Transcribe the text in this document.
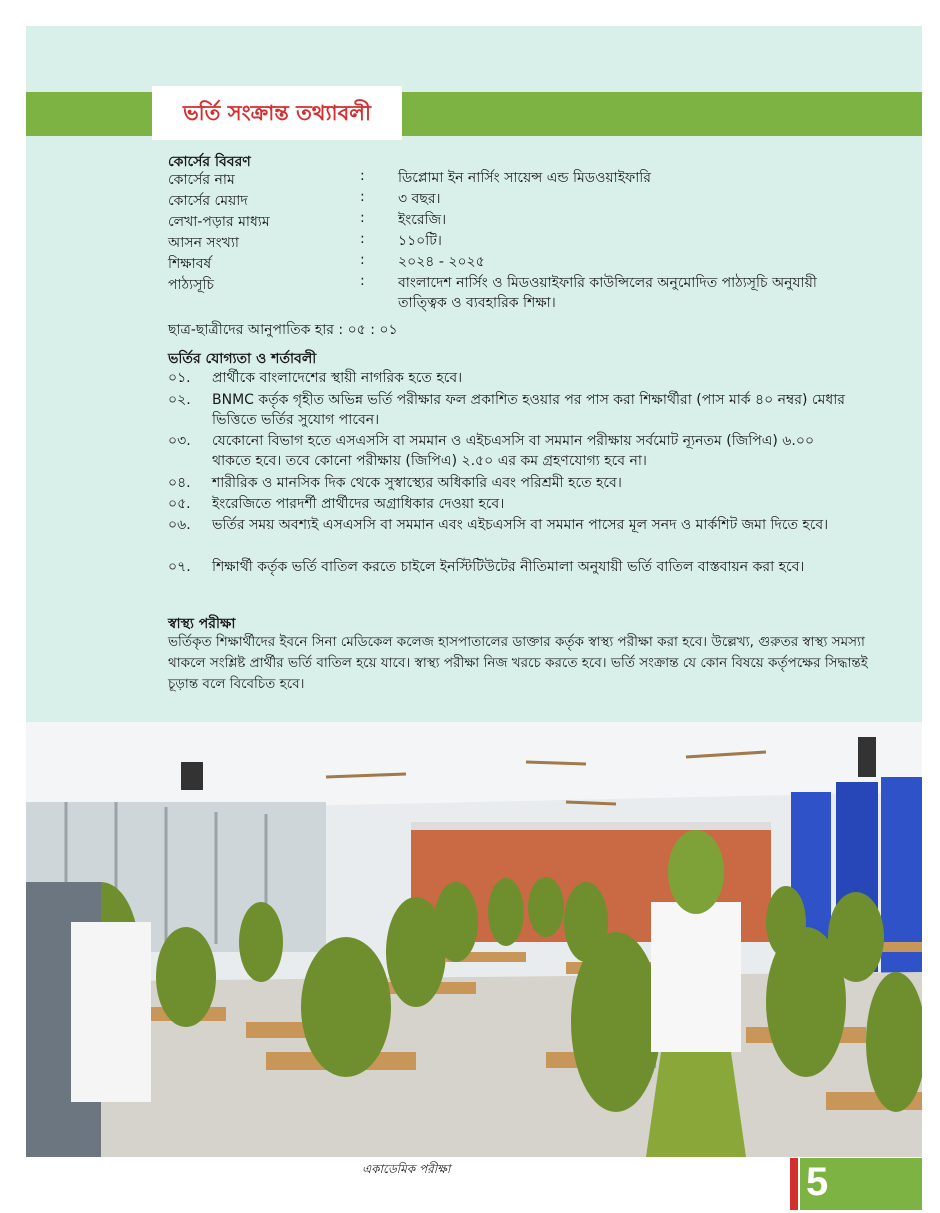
ভর্তি সংক্রান্ত তথ্যাবলী
কোর্সের বিবরণ
কোর্সের নাম	: ডিপ্লোমা ইন নার্সিং সায়েন্স এন্ড মিডওয়াইফারি
কোর্সের মেয়াদ	: ৩ বছর।
লেখা-পড়ার মাধ্যম	: ইংরেজি।
আসন সংখ্যা	: ১১০টি।
শিক্ষাবর্ষ	: ২০২৪ - ২০২৫
পাঠ্যসূচি	: বাংলাদেশ নার্সিং ও মিডওয়াইফারি কাউন্সিলের অনুমোদিত পাঠ্যসূচি অনুযায়ী তাত্ত্বিক ও ব্যবহারিক শিক্ষা।
ছাত্র-ছাত্রীদের আনুপাতিক হার : ০৫ : ০১
ভর্তির যোগ্যতা ও শর্তাবলী
০১.	প্রার্থীকে বাংলাদেশের স্থায়ী নাগরিক হতে হবে।
০২.	BNMC কর্তৃক গৃহীত অভিন্ন ভর্তি পরীক্ষার ফল প্রকাশিত হওয়ার পর পাস করা শিক্ষার্থীরা (পাস মার্ক ৪০ নম্বর) মেধার ভিত্তিতে ভর্তির সুযোগ পাবেন।
০৩.	যেকোনো বিভাগ হতে এসএসসি বা সমমান ও এইচএসসি বা সমমান পরীক্ষায় সর্বমোট ন্যূনতম (জিপিএ) ৬.০০ থাকতে হবে। তবে কোনো পরীক্ষায় (জিপিএ) ২.৫০ এর কম গ্রহণযোগ্য হবে না।
০৪.	শারীরিক ও মানসিক দিক থেকে সুস্বাস্থ্যের অধিকারি এবং পরিশ্রমী হতে হবে।
০৫.	ইংরেজিতে পারদর্শী প্রার্থীদের অগ্রাধিকার দেওয়া হবে।
০৬.	ভর্তির সময় অবশ্যই এসএসসি বা সমমান এবং এইচএসসি বা সমমান পাসের মূল সনদ ও মার্কশিট জমা দিতে হবে।
০৭.	শিক্ষার্থী কর্তৃক ভর্তি বাতিল করতে চাইলে ইনস্টিটিউটের নীতিমালা অনুযায়ী ভর্তি বাতিল বাস্তবায়ন করা হবে।
স্বাস্থ্য পরীক্ষা
ভর্তিকৃত শিক্ষার্থীদের ইবনে সিনা মেডিকেল কলেজ হাসপাতালের ডাক্তার কর্তৃক স্বাস্থ্য পরীক্ষা করা হবে। উল্লেখ্য, গুরুতর স্বাস্থ্য সমস্যা থাকলে সংশ্লিষ্ট প্রার্থীর ভর্তি বাতিল হয়ে যাবে। স্বাস্থ্য পরীক্ষা নিজ খরচে করতে হবে। ভর্তি সংক্রান্ত যে কোন বিষয়ে কর্তৃপক্ষের সিদ্ধান্তই চূড়ান্ত বলে বিবেচিত হবে।
একাডেমিক পরীক্ষা	5
